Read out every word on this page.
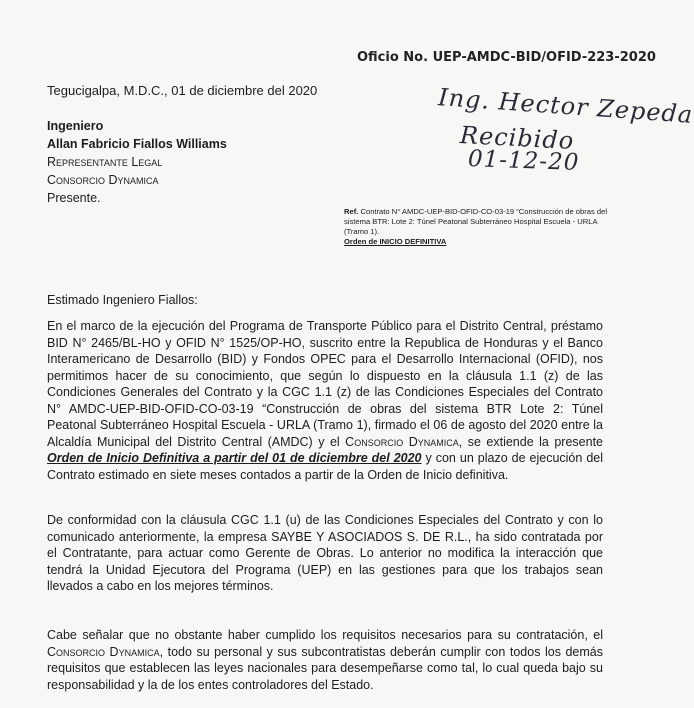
Oficio No. UEP-AMDC-BID/OFID-223-2020
Tegucigalpa, M.D.C., 01 de diciembre del 2020
Ingeniero
Allan Fabricio Fiallos Williams
Representante Legal
Consorcio Dynamica
Presente.
Ing. Hector Zepeda
Recibido
01-12-20
Ref. Contrato N° AMDC-UEP-BID-OFID-CO-03-19 “Construcción de obras del sistema BTR: Lote 2: Túnel Peatonal Subterráneo Hospital Escuela - URLA (Tramo 1).
Orden de INICIO DEFINITIVA
Estimado Ingeniero Fiallos:
En el marco de la ejecución del Programa de Transporte Público para el Distrito Central, préstamo BID N° 2465/BL-HO y OFID N° 1525/OP-HO, suscrito entre la Republica de Honduras y el Banco Interamericano de Desarrollo (BID) y Fondos OPEC para el Desarrollo Internacional (OFID), nos permitimos hacer de su conocimiento, que según lo dispuesto en la cláusula 1.1 (z) de las Condiciones Generales del Contrato y la CGC 1.1 (z) de las Condiciones Especiales del Contrato N° AMDC-UEP-BID-OFID-CO-03-19 “Construcción de obras del sistema BTR Lote 2: Túnel Peatonal Subterráneo Hospital Escuela - URLA (Tramo 1), firmado el 06 de agosto del 2020 entre la Alcaldía Municipal del Distrito Central (AMDC) y el Consorcio Dynamica, se extiende la presente Orden de Inicio Definitiva a partir del 01 de diciembre del 2020 y con un plazo de ejecución del Contrato estimado en siete meses contados a partir de la Orden de Inicio definitiva.
De conformidad con la cláusula CGC 1.1 (u) de las Condiciones Especiales del Contrato y con lo comunicado anteriormente, la empresa SAYBE Y ASOCIADOS S. DE R.L., ha sido contratada por el Contratante, para actuar como Gerente de Obras. Lo anterior no modifica la interacción que tendrá la Unidad Ejecutora del Programa (UEP) en las gestiones para que los trabajos sean llevados a cabo en los mejores términos.
Cabe señalar que no obstante haber cumplido los requisitos necesarios para su contratación, el Consorcio Dynamica, todo su personal y sus subcontratistas deberán cumplir con todos los demás requisitos que establecen las leyes nacionales para desempeñarse como tal, lo cual queda bajo su responsabilidad y la de los entes controladores del Estado.
